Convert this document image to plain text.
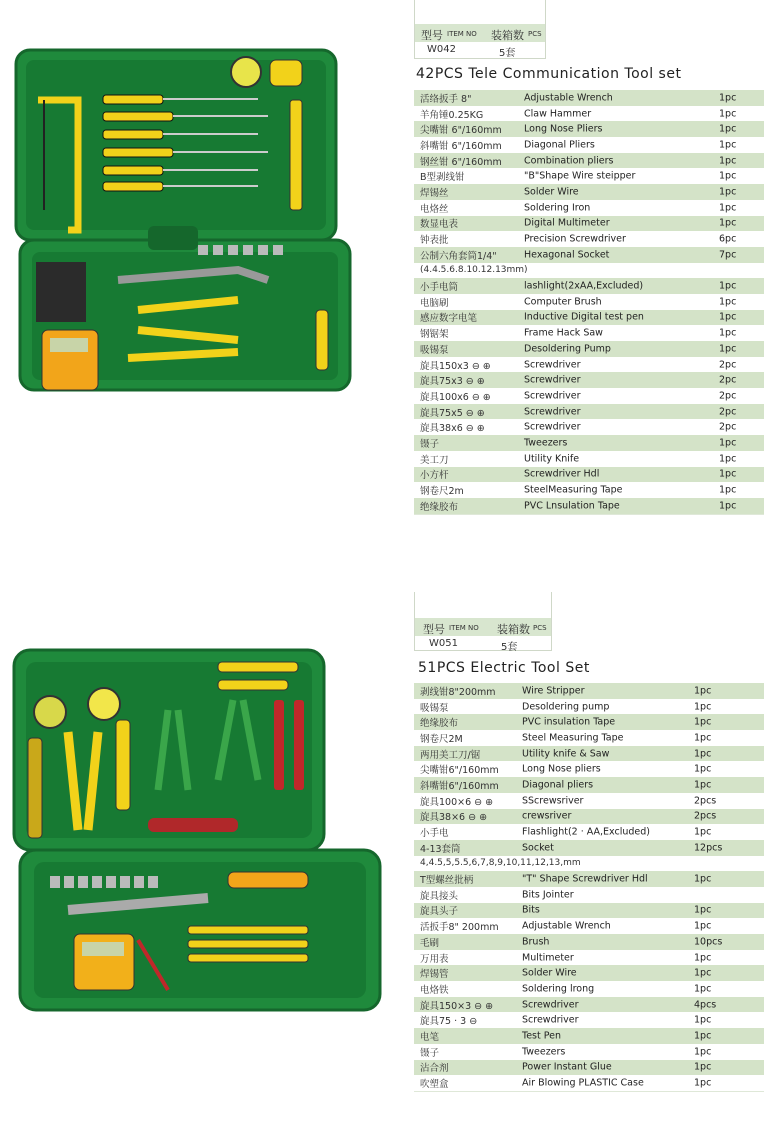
型号 ITEM NO 装箱数 PCS
W042	5套
42PCS Tele Communication Tool set
活络扳手 8"	Adjustable Wrench	1pc
羊角锤0.25KG	Claw Hammer	1pc
尖嘴钳 6"/160mm Long Nose Pliers	1pc
斜嘴钳 6"/160mm Diagonal Pliers	1pc
钢丝钳 6"/160mm Combination pliers	1pc
B型剥线钳	"B"Shape Wire steipper	1pc
焊锡丝	Solder Wire	1pc
电烙丝	Soldering Iron	1pc
数显电表	Digital Multimeter	1pc
钟表批	Precision Screwdriver	6pc
公制六角套筒1/4"	Hexagonal Socket	7pc
(4.4.5.6.8.10.12.13mm)
小手电筒	lashlight(2xAA,Excluded)	1pc
电脑刷	Computer Brush	1pc
感应数字电笔	Inductive Digital test pen	1pc
钢锯架	Frame Hack Saw	1pc
吸锡泵	Desoldering Pump	1pc
旋具150x3 ⊖ ⊕	Screwdriver	2pc
旋具75x3 ⊖ ⊕	Screwdriver	2pc
旋具100x6 ⊖ ⊕	Screwdriver	2pc
旋具75x5 ⊖ ⊕	Screwdriver	2pc
旋具38x6 ⊖ ⊕	Screwdriver	2pc
镊子	Tweezers	1pc
美工刀	Utility Knife	1pc
小方杆	Screwdriver Hdl	1pc
钢卷尺2m	SteelMeasuring Tape	1pc
绝缘胶布	PVC Lnsulation Tape	1pc
型号 ITEM NO 装箱数 PCS
W051	5套
51PCS Electric Tool Set
剥线钳8"200mm	Wire Stripper	1pc
吸锡泵	Desoldering pump	1pc
绝缘胶布	PVC insulation Tape	1pc
钢卷尺2M	Steel Measuring Tape	1pc
两用美工刀/锯	Utility knife & Saw	1pc
尖嘴钳6"/160mm Long Nose pliers	1pc
斜嘴钳6"/160mm Diagonal pliers	1pc
旋具100×6 ⊖ ⊕	SScrewsriver	2pcs
旋具38×6 ⊖ ⊕	crewsriver	2pcs
小手电	Flashlight(2 · AA,Excluded)	1pc
4-13套筒	Socket	12pcs
4,4.5,5,5.5,6,7,8,9,10,11,12,13,mm
T型螺丝批柄	"T" Shape Screwdriver Hdl	1pc
旋具接头	Bits Jointer
旋具头子	Bits	1pc
活扳手8" 200mm Adjustable Wrench	1pc
毛刷	Brush	10pcs
万用表	Multimeter	1pc
焊锡管	Solder Wire	1pc
电烙铁	Soldering lrong	1pc
旋具150×3 ⊖ ⊕	Screwdriver	4pcs
旋具75 · 3 ⊖	Screwdriver	1pc
电笔	Test Pen	1pc
镊子	Tweezers	1pc
沾合剂	Power Instant Glue	1pc
吹塑盒	Air Blowing PLASTIC Case	1pc
